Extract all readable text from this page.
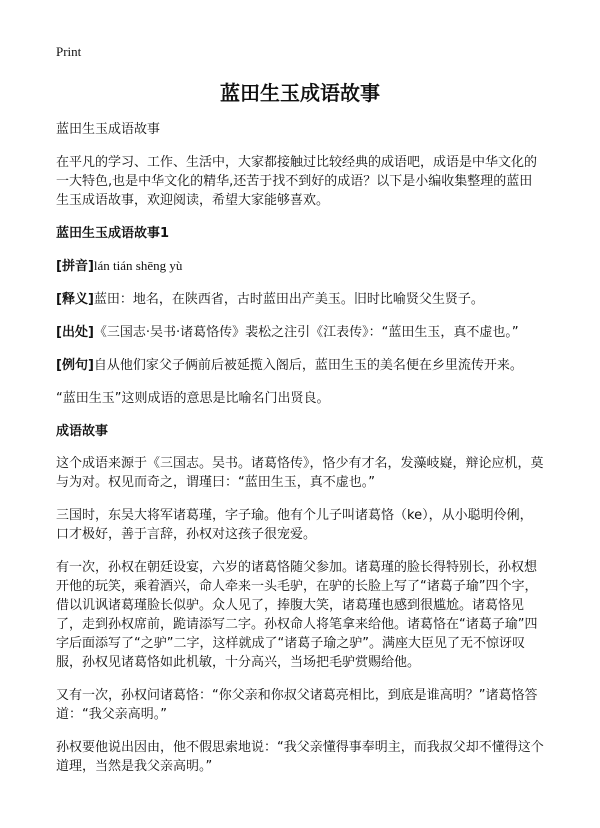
Print
蓝田生玉成语故事
蓝田生玉成语故事
在平凡的学习、工作、生活中，大家都接触过比较经典的成语吧，成语是中华文化的一大特色,也是中华文化的精华,还苦于找不到好的成语？以下是小编收集整理的蓝田生玉成语故事，欢迎阅读，希望大家能够喜欢。
蓝田生玉成语故事1
[拼音]lán tián shēng yù
[释义]蓝田：地名，在陕西省，古时蓝田出产美玉。旧时比喻贤父生贤子。
[出处]《三国志·吴书·诸葛恪传》裴松之注引《江表传》：“蓝田生玉，真不虚也。”
[例句]自从他们家父子俩前后被延揽入阁后，蓝田生玉的美名便在乡里流传开来。
“蓝田生玉”这则成语的意思是比喻名门出贤良。
成语故事
这个成语来源于《三国志。吴书。诸葛恪传》，恪少有才名，发藻岐嶷，辩论应机，莫与为对。权见而奇之，谓瑾曰：“蓝田生玉，真不虚也。”
三国时，东吴大将军诸葛瑾，字子瑜。他有个儿子叫诸葛恪（ke），从小聪明伶俐，口才极好，善于言辞，孙权对这孩子很宠爱。
有一次，孙权在朝廷设宴，六岁的诸葛恪随父参加。诸葛瑾的脸长得特别长，孙权想开他的玩笑，乘着酒兴，命人牵来一头毛驴，在驴的长脸上写了“诸葛子瑜”四个字，借以讥讽诸葛瑾脸长似驴。众人见了，捧腹大笑，诸葛瑾也感到很尴尬。诸葛恪见了，走到孙权席前，跪请添写二字。孙权命人将笔拿来给他。诸葛恪在“诸葛子瑜”四字后面添写了“之驴”二字，这样就成了“诸葛子瑜之驴”。满座大臣见了无不惊讶叹服，孙权见诸葛恪如此机敏，十分高兴，当场把毛驴赏赐给他。
又有一次，孙权问诸葛恪：“你父亲和你叔父诸葛亮相比，到底是谁高明？”诸葛恪答道：“我父亲高明。”
孙权要他说出因由，他不假思索地说：“我父亲懂得事奉明主，而我叔父却不懂得这个道理，当然是我父亲高明。”
